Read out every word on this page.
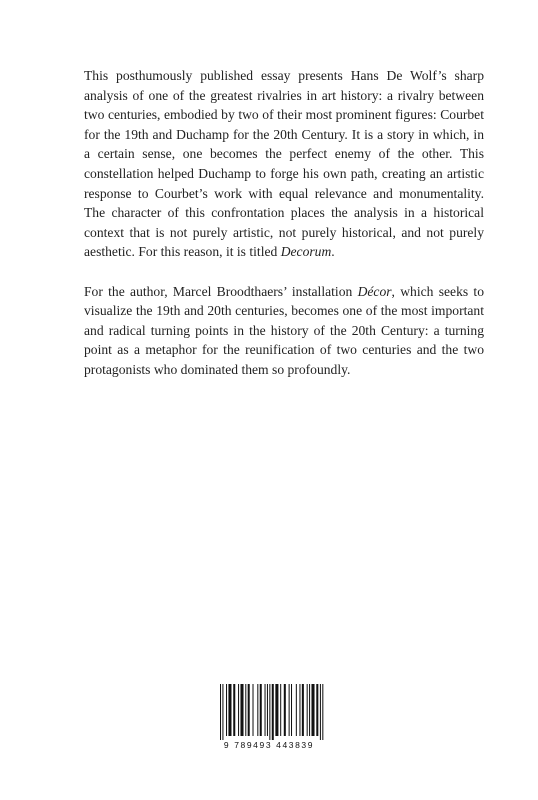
This posthumously published essay presents Hans De Wolf’s sharp analysis of one of the greatest rivalries in art history: a rivalry between two centuries, embodied by two of their most prominent figures: Courbet for the 19th and Duchamp for the 20th Century. It is a story in which, in a certain sense, one becomes the perfect enemy of the other. This constellation helped Duchamp to forge his own path, creating an artistic response to Courbet’s work with equal relevance and monumentality. The character of this confrontation places the analysis in a historical context that is not purely artistic, not purely historical, and not purely aesthetic. For this reason, it is titled Decorum.

For the author, Marcel Broodthaers’ installation Décor, which seeks to visualize the 19th and 20th centuries, becomes one of the most important and radical turning points in the history of the 20th Century: a turning point as a metaphor for the reunification of two centuries and the two protagonists who dominated them so profoundly.

9 789493 443839
